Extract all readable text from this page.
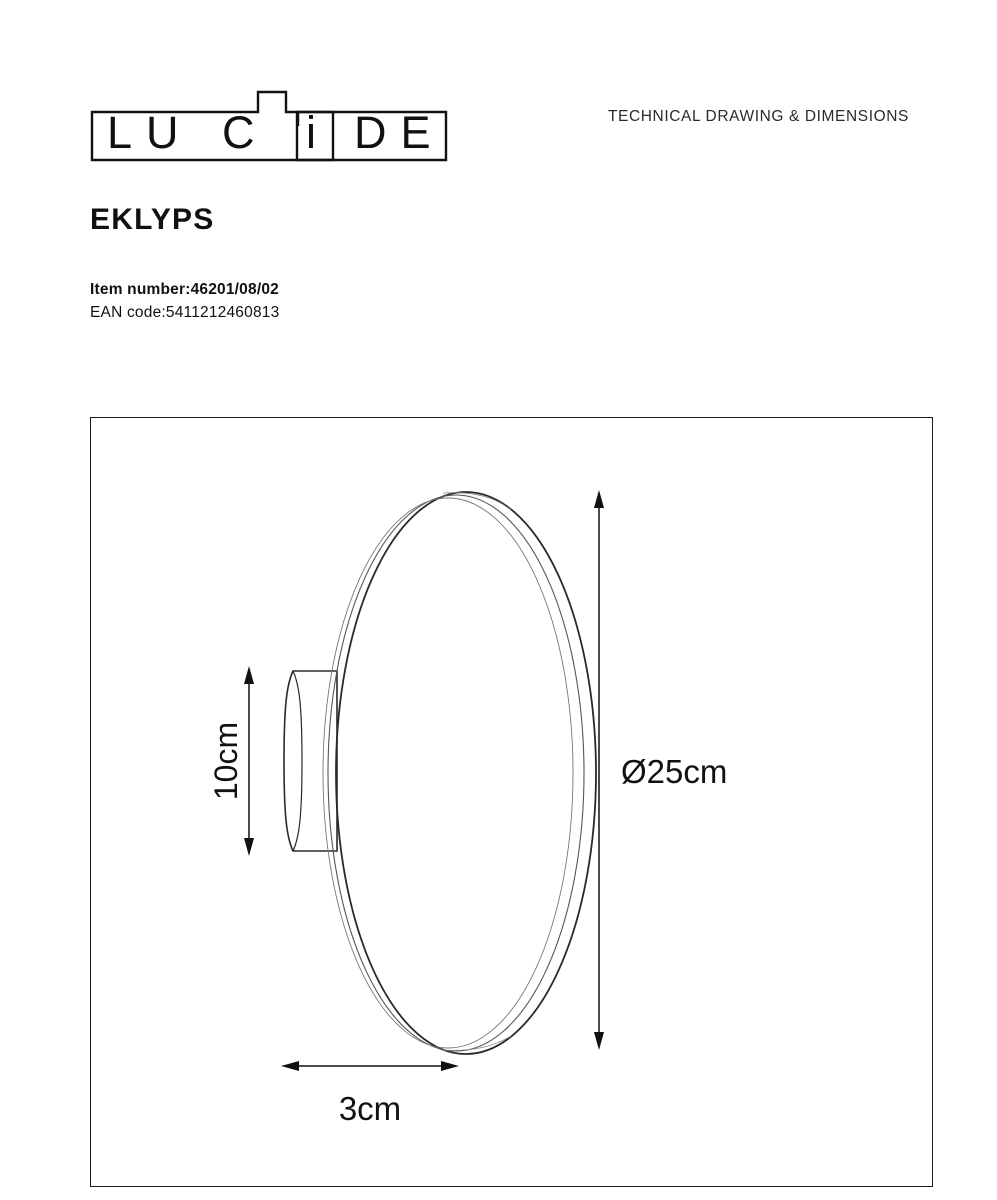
LU C i DE	TECHNICAL DRAWING & DIMENSIONS
EKLYPS
Item number:46201/08/02
EAN code:5411212460813
Ø25cm
10cm
3cm
